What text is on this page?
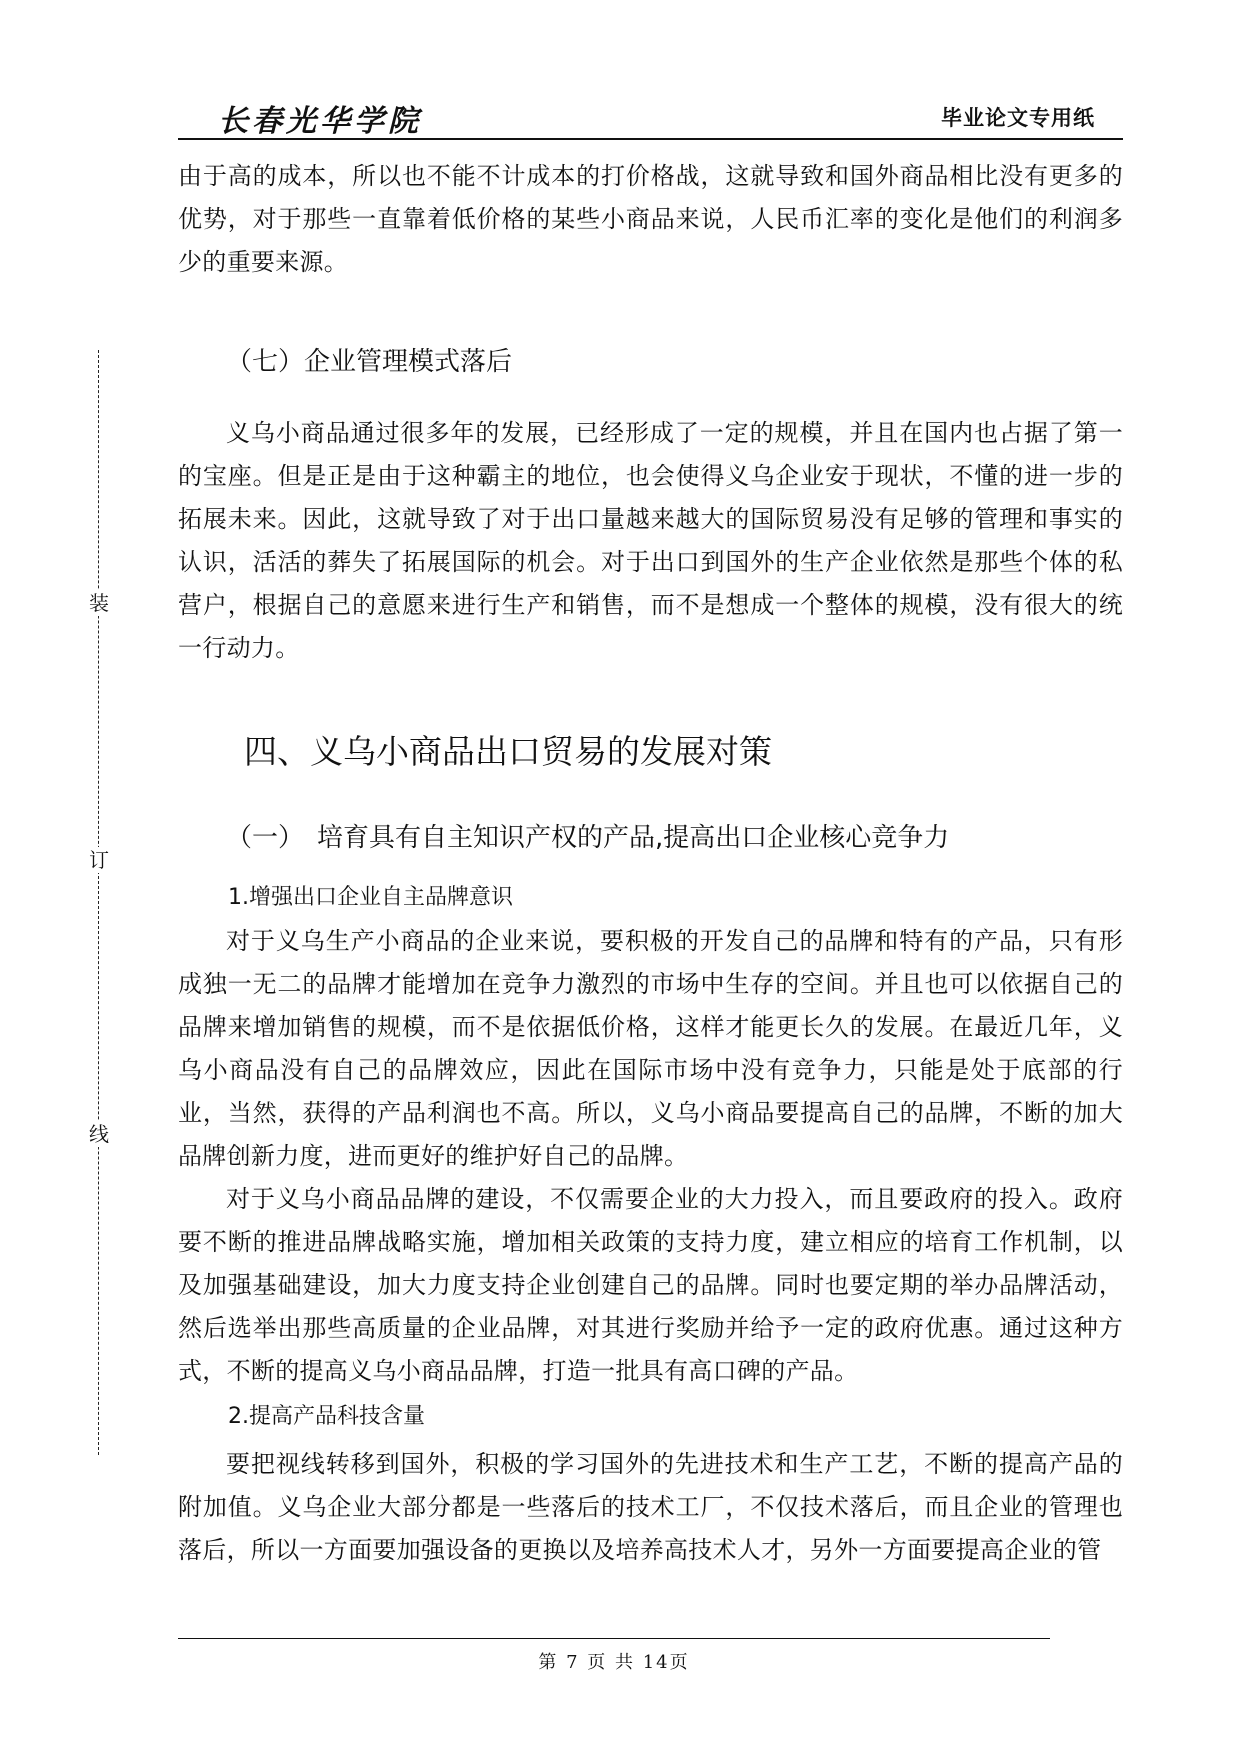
长春光华学院	毕业论文专用纸
装
订
线

由于高的成本，所以也不能不计成本的打价格战，这就导致和国外商品相比没有更多的优势，对于那些一直靠着低价格的某些小商品来说，人民币汇率的变化是他们的利润多少的重要来源。

（七）企业管理模式落后

义乌小商品通过很多年的发展，已经形成了一定的规模，并且在国内也占据了第一的宝座。但是正是由于这种霸主的地位，也会使得义乌企业安于现状，不懂的进一步的拓展未来。因此，这就导致了对于出口量越来越大的国际贸易没有足够的管理和事实的认识，活活的葬失了拓展国际的机会。对于出口到国外的生产企业依然是那些个体的私营户，根据自己的意愿来进行生产和销售，而不是想成一个整体的规模，没有很大的统一行动力。

四、义乌小商品出口贸易的发展对策
（一）　培育具有自主知识产权的产品,提高出口企业核心竞争力
1.增强出口企业自主品牌意识

对于义乌生产小商品的企业来说，要积极的开发自己的品牌和特有的产品，只有形成独一无二的品牌才能增加在竞争力激烈的市场中生存的空间。并且也可以依据自己的品牌来增加销售的规模，而不是依据低价格，这样才能更长久的发展。在最近几年，义乌小商品没有自己的品牌效应，因此在国际市场中没有竞争力，只能是处于底部的行业，当然，获得的产品利润也不高。所以，义乌小商品要提高自己的品牌，不断的加大品牌创新力度，进而更好的维护好自己的品牌。

对于义乌小商品品牌的建设，不仅需要企业的大力投入，而且要政府的投入。政府要不断的推进品牌战略实施，增加相关政策的支持力度，建立相应的培育工作机制，以及加强基础建设，加大力度支持企业创建自己的品牌。同时也要定期的举办品牌活动，然后选举出那些高质量的企业品牌，对其进行奖励并给予一定的政府优惠。通过这种方式，不断的提高义乌小商品品牌，打造一批具有高口碑的产品。

2.提高产品科技含量

要把视线转移到国外，积极的学习国外的先进技术和生产工艺，不断的提高产品的附加值。义乌企业大部分都是一些落后的技术工厂，不仅技术落后，而且企业的管理也落后，所以一方面要加强设备的更换以及培养高技术人才，另外一方面要提高企业的管

第 7 页 共 14页
